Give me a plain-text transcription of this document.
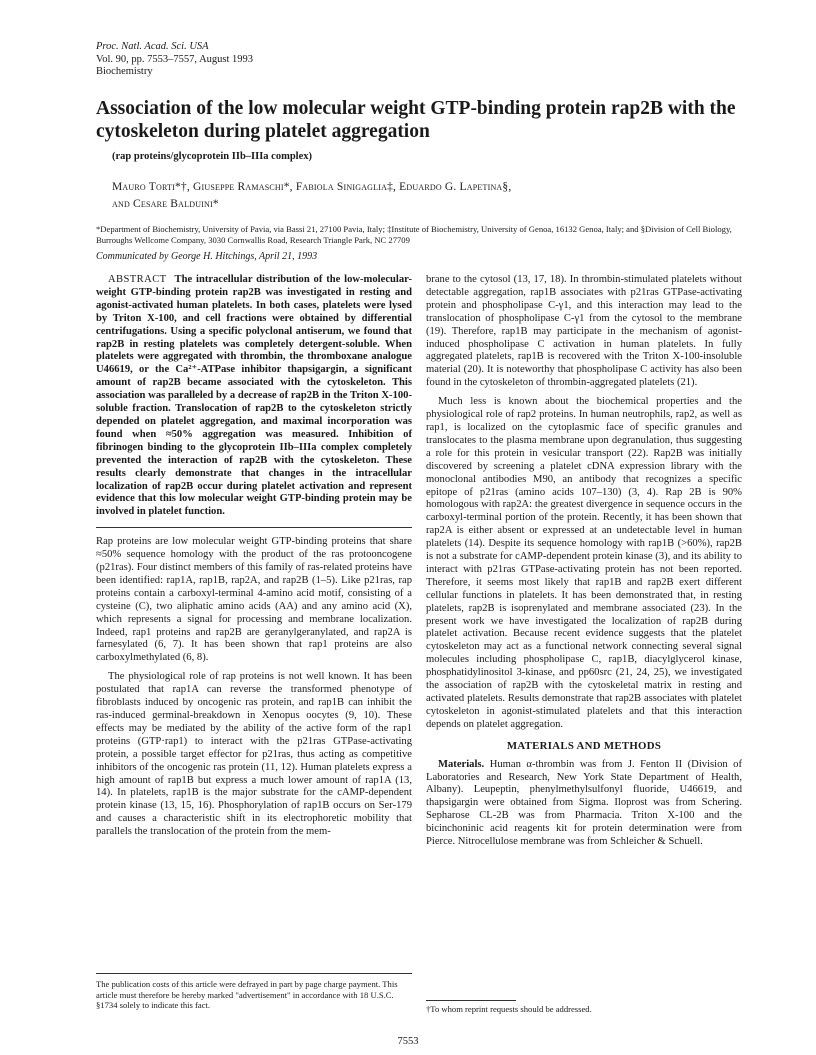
Proc. Natl. Acad. Sci. USA
Vol. 90, pp. 7553–7557, August 1993
Biochemistry
Association of the low molecular weight GTP-binding protein rap2B with the cytoskeleton during platelet aggregation
(rap proteins/glycoprotein IIb–IIIa complex)
Mauro Torti*†, Giuseppe Ramaschi*, Fabiola Sinigaglia‡, Eduardo G. Lapetina§,
and Cesare Balduini*
*Department of Biochemistry, University of Pavia, via Bassi 21, 27100 Pavia, Italy; ‡Institute of Biochemistry, University of Genoa, 16132 Genoa, Italy; and §Division of Cell Biology, Burroughs Wellcome Company, 3030 Cornwallis Road, Research Triangle Park, NC 27709
Communicated by George H. Hitchings, April 21, 1993

ABSTRACT The intracellular distribution of the low-molecular-weight GTP-binding protein rap2B was investigated in resting and agonist-activated human platelets. In both cases, platelets were lysed by Triton X-100, and cell fractions were obtained by differential centrifugations. Using a specific polyclonal antiserum, we found that rap2B in resting platelets was completely detergent-soluble. When platelets were aggregated with thrombin, the thromboxane analogue U46619, or the Ca²⁺-ATPase inhibitor thapsigargin, a significant amount of rap2B became associated with the cytoskeleton. This association was paralleled by a decrease of rap2B in the Triton X-100-soluble fraction. Translocation of rap2B to the cytoskeleton strictly depended on platelet aggregation, and maximal incorporation was found when ≈50% aggregation was measured. Inhibition of fibrinogen binding to the glycoprotein IIb–IIIa complex completely prevented the interaction of rap2B with the cytoskeleton. These results clearly demonstrate that changes in the intracellular localization of rap2B occur during platelet activation and represent evidence that this low molecular weight GTP-binding protein may be involved in platelet function.

Rap proteins are low molecular weight GTP-binding proteins that share ≈50% sequence homology with the product of the ras protooncogene (p21ras). Four distinct members of this family of ras-related proteins have been identified: rap1A, rap1B, rap2A, and rap2B (1–5). Like p21ras, rap proteins contain a carboxyl-terminal 4-amino acid motif, consisting of a cysteine (C), two aliphatic amino acids (AA) and any amino acid (X), which represents a signal for processing and membrane localization. Indeed, rap1 proteins and rap2B are geranylgeranylated, and rap2A is farnesylated (6, 7). It has been shown that rap1 proteins are also carboxylmethylated (6, 8).

The physiological role of rap proteins is not well known. It has been postulated that rap1A can reverse the transformed phenotype of fibroblasts induced by oncogenic ras protein, and rap1B can inhibit the ras-induced germinal-breakdown in Xenopus oocytes (9, 10). These effects may be mediated by the ability of the active form of the rap1 proteins (GTP·rap1) to interact with the p21ras GTPase-activating protein, a possible target effector for p21ras, thus acting as competitive inhibitors of the oncogenic ras protein (11, 12). Human platelets express a high amount of rap1B but express a much lower amount of rap1A (13, 14). In platelets, rap1B is the major substrate for the cAMP-dependent protein kinase (13, 15, 16). Phosphorylation of rap1B occurs on Ser-179 and causes a characteristic shift in its electrophoretic mobility that parallels the translocation of the protein from the mem-

brane to the cytosol (13, 17, 18). In thrombin-stimulated platelets without detectable aggregation, rap1B associates with p21ras GTPase-activating protein and phospholipase C-γ1, and this interaction may lead to the translocation of phospholipase C-γ1 from the cytosol to the membrane (19). Therefore, rap1B may participate in the mechanism of agonist-induced phospholipase C activation in human platelets. In fully aggregated platelets, rap1B is recovered with the Triton X-100-insoluble material (20). It is noteworthy that phospholipase C activity has also been found in the cytoskeleton of thrombin-aggregated platelets (21).

Much less is known about the biochemical properties and the physiological role of rap2 proteins. In human neutrophils, rap2, as well as rap1, is localized on the cytoplasmic face of specific granules and translocates to the plasma membrane upon degranulation, thus suggesting a role for this protein in vesicular transport (22). Rap2B was initially discovered by screening a platelet cDNA expression library with the monoclonal antibodies M90, an antibody that recognizes a specific epitope of p21ras (amino acids 107–130) (3, 4). Rap 2B is 90% homologous with rap2A: the greatest divergence in sequence occurs in the carboxyl-terminal portion of the protein. Recently, it has been shown that rap2A is either absent or expressed at an undetectable level in human platelets (14). Despite its sequence homology with rap1B (>60%), rap2B is not a substrate for cAMP-dependent protein kinase (3), and its ability to interact with p21ras GTPase-activating protein has not been reported. Therefore, it seems most likely that rap1B and rap2B exert different cellular functions in platelets. It has been demonstrated that, in resting platelets, rap2B is isoprenylated and membrane associated (23). In the present work we have investigated the localization of rap2B during platelet activation. Because recent evidence suggests that the platelet cytoskeleton may act as a functional network connecting several signal molecules including phospholipase C, rap1B, diacylglycerol kinase, phosphatidylinositol 3-kinase, and pp60src (21, 24, 25), we investigated the association of rap2B with the cytoskeletal matrix in resting and activated platelets. Results demonstrate that rap2B associates with platelet cytoskeleton in agonist-stimulated platelets and that this interaction depends on platelet aggregation.

MATERIALS AND METHODS

Materials. Human α-thrombin was from J. Fenton II (Division of Laboratories and Research, New York State Department of Health, Albany). Leupeptin, phenylmethylsulfonyl fluoride, U46619, and thapsigargin were obtained from Sigma. Iloprost was from Schering. Sepharose CL-2B was from Pharmacia. Triton X-100 and the bicinchoninic acid reagents kit for protein determination were from Pierce. Nitrocellulose membrane was from Schleicher & Schuell.

The publication costs of this article were defrayed in part by page charge payment. This article must therefore be hereby marked "advertisement" in accordance with 18 U.S.C. §1734 solely to indicate this fact.	†To whom reprint requests should be addressed.
7553
